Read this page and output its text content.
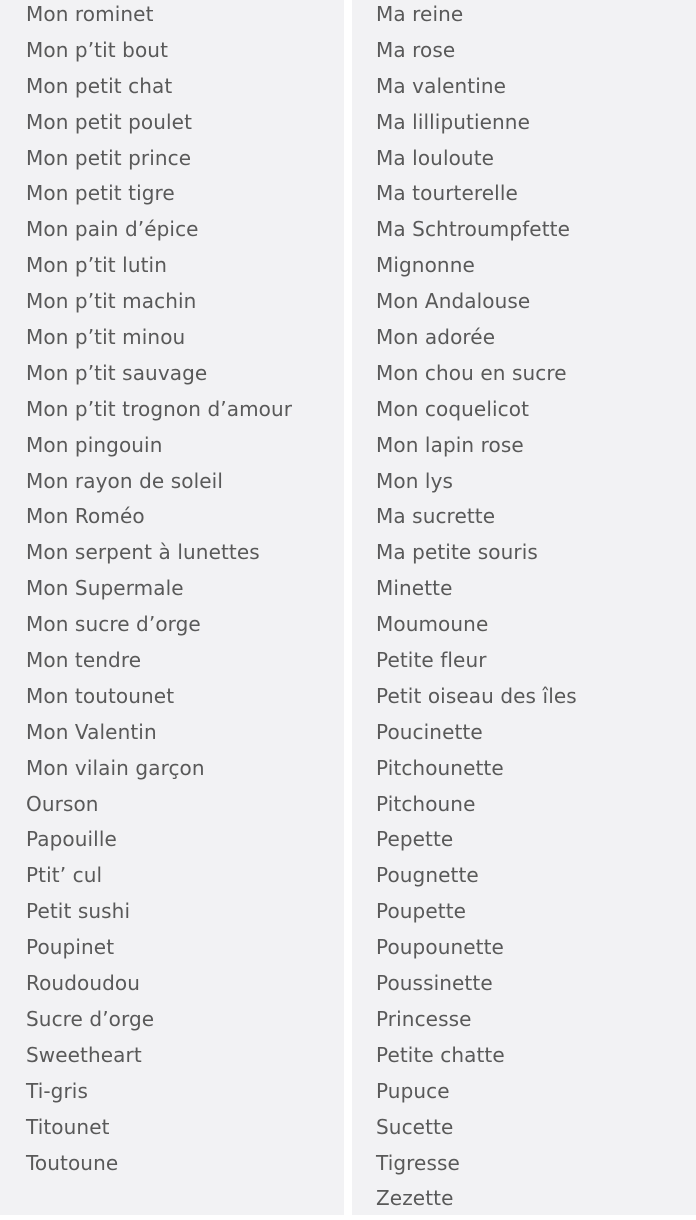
Mon rominet
Mon p’tit bout
Mon petit chat
Mon petit poulet
Mon petit prince
Mon petit tigre
Mon pain d’épice
Mon p’tit lutin
Mon p’tit machin
Mon p’tit minou
Mon p’tit sauvage
Mon p’tit trognon d’amour
Mon pingouin
Mon rayon de soleil
Mon Roméo
Mon serpent à lunettes
Mon Supermale
Mon sucre d’orge
Mon tendre
Mon toutounet
Mon Valentin
Mon vilain garçon
Ourson
Papouille
Ptit’ cul
Petit sushi
Poupinet
Roudoudou
Sucre d’orge
Sweetheart
Ti-gris
Titounet
Toutoune
Ma reine
Ma rose
Ma valentine
Ma lilliputienne
Ma louloute
Ma tourterelle
Ma Schtroumpfette
Mignonne
Mon Andalouse
Mon adorée
Mon chou en sucre
Mon coquelicot
Mon lapin rose
Mon lys
Ma sucrette
Ma petite souris
Minette
Moumoune
Petite fleur
Petit oiseau des îles
Poucinette
Pitchounette
Pitchoune
Pepette
Pougnette
Poupette
Poupounette
Poussinette
Princesse
Petite chatte
Pupuce
Sucette
Tigresse
Zezette
